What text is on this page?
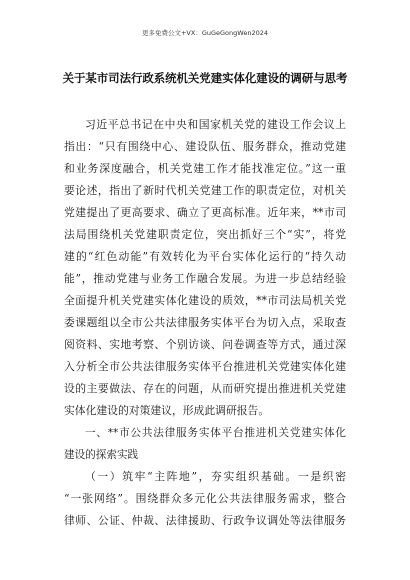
更多免费公文+VX：GuGeGongWen2024
关于某市司法行政系统机关党建实体化建设的调研与思考
习近平总书记在中央和国家机关党的建设工作会议上
指出：“只有围绕中心、建设队伍、服务群众，推动党建
和业务深度融合，机关党建工作才能找准定位。”这一重
要论述，指出了新时代机关党建工作的职责定位，对机关
党建提出了更高要求、确立了更高标准。近年来，**市司
法局围绕机关党建职责定位，突出抓好三个“实”，将党
建的“红色动能”有效转化为平台实体化运行的“持久动
能”，推动党建与业务工作融合发展。为进一步总结经验
全面提升机关党建实体化建设的质效，**市司法局机关党
委课题组以全市公共法律服务实体平台为切入点，采取查
阅资料、实地考察、个别访谈、问卷调查等方式，通过深
入分析全市公共法律服务实体平台推进机关党建实体化建
设的主要做法、存在的问题，从而研究提出推进机关党建
实体化建设的对策建议，形成此调研报告。
一、**市公共法律服务实体平台推进机关党建实体化
建设的探索实践
（一）筑牢“主阵地”，夯实组织基础。一是织密
“一张网络”。围绕群众多元化公共法律服务需求，整合
律师、公证、仲裁、法律援助、行政争议调处等法律服务
